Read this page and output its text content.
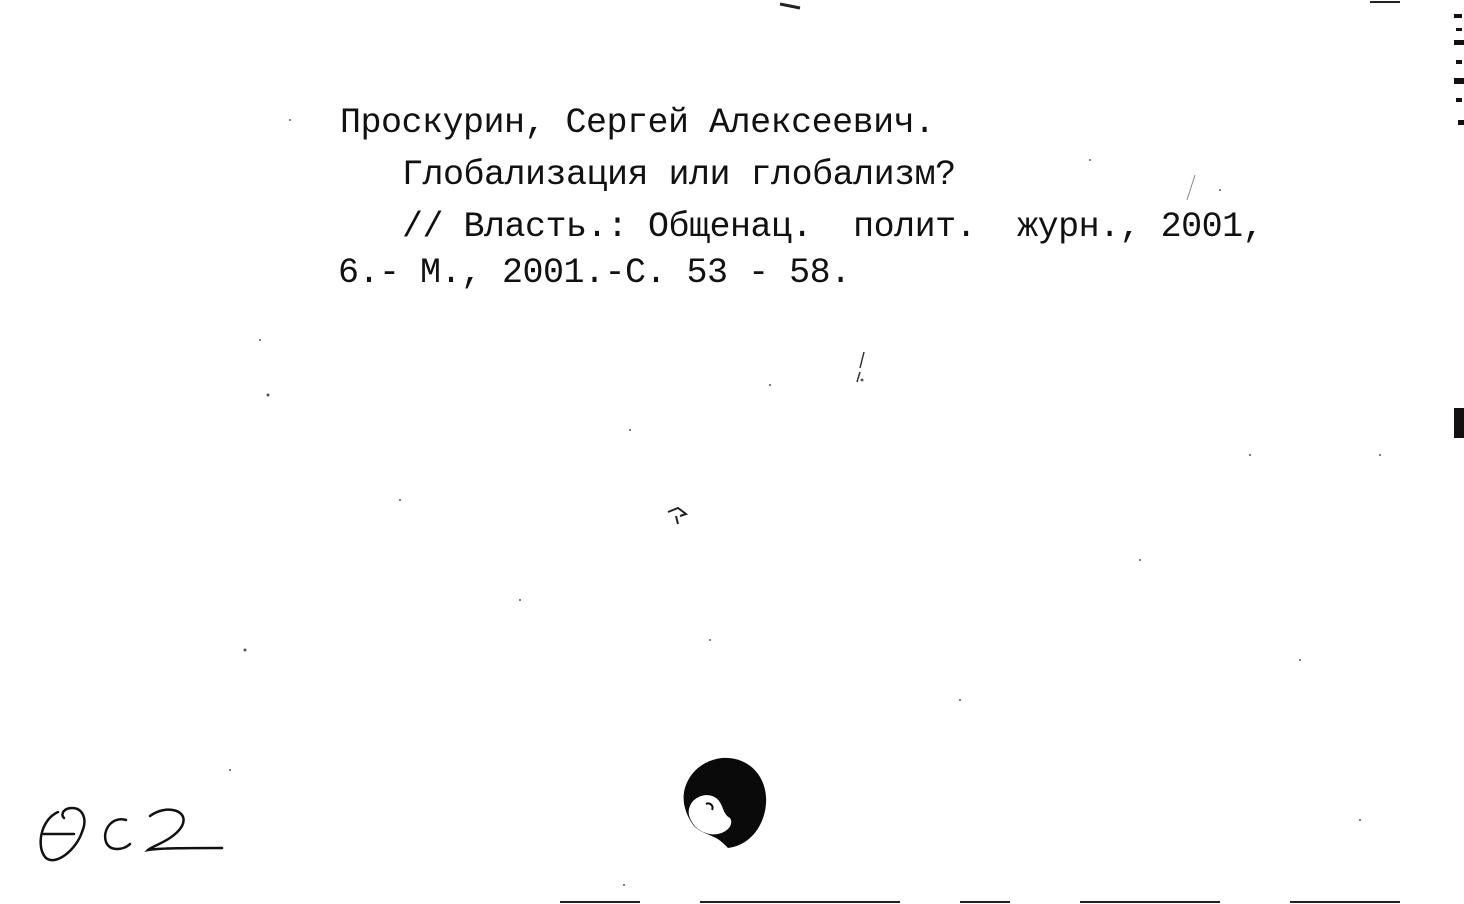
Проскурин, Сергей Алексеевич.
Глобализация или глобализм?
// Власть.: Общенац.  полит.  журн., 2001,
6.- М., 2001.-С. 53 - 58.
